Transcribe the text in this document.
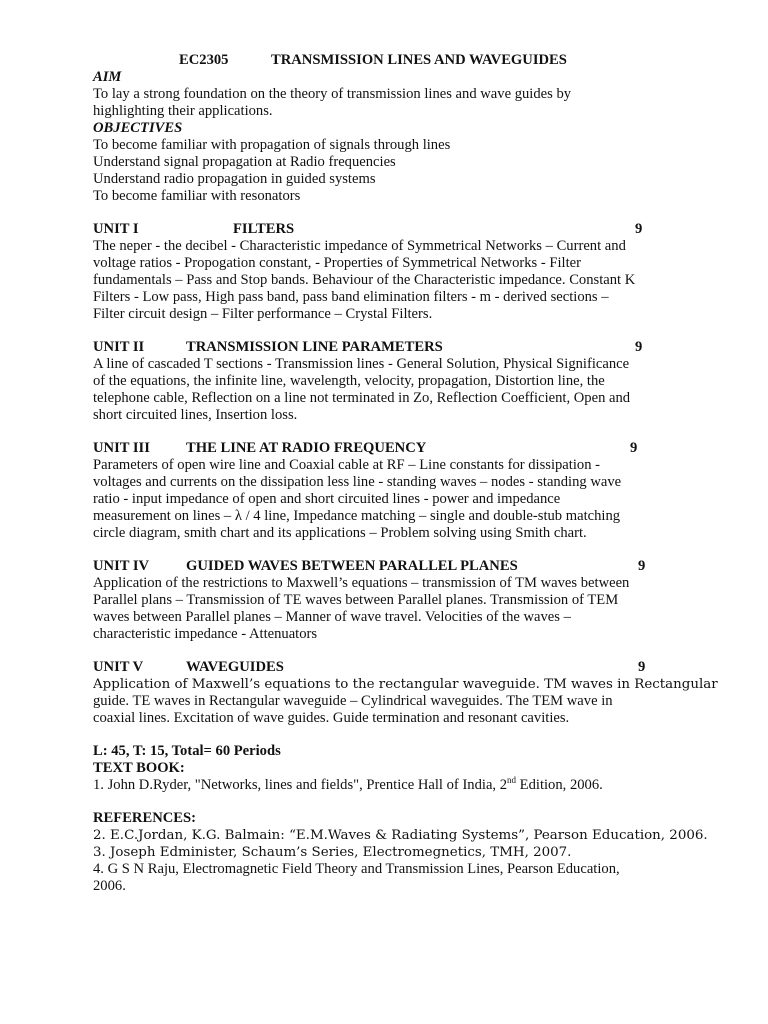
EC2305	TRANSMISSION LINES AND WAVEGUIDES
AIM
To lay a strong foundation on the theory of transmission lines and wave guides by
highlighting their applications.
OBJECTIVES
To become familiar with propagation of signals through lines
Understand signal propagation at Radio frequencies
Understand radio propagation in guided systems
To become familiar with resonators
UNIT I	FILTERS	9
The neper - the decibel - Characteristic impedance of Symmetrical Networks – Current and
voltage ratios - Propogation constant, - Properties of Symmetrical Networks - Filter
fundamentals – Pass and Stop bands. Behaviour of the Characteristic impedance. Constant K
Filters - Low pass, High pass band, pass band elimination filters - m - derived sections –
Filter circuit design – Filter performance – Crystal Filters.
UNIT II	TRANSMISSION LINE PARAMETERS	9
A line of cascaded T sections - Transmission lines - General Solution, Physical Significance
of the equations, the infinite line, wavelength, velocity, propagation, Distortion line, the
telephone cable, Reflection on a line not terminated in Zo, Reflection Coefficient, Open and
short circuited lines, Insertion loss.
UNIT III THE LINE AT RADIO FREQUENCY	9
Parameters of open wire line and Coaxial cable at RF – Line constants for dissipation -
voltages and currents on the dissipation less line - standing waves – nodes - standing wave
ratio - input impedance of open and short circuited lines - power and impedance
measurement on lines – λ / 4 line, Impedance matching – single and double-stub matching
circle diagram, smith chart and its applications – Problem solving using Smith chart.
UNIT IV	GUIDED WAVES BETWEEN PARALLEL PLANES	9
Application of the restrictions to Maxwell’s equations – transmission of TM waves between
Parallel plans – Transmission of TE waves between Parallel planes. Transmission of TEM
waves between Parallel planes – Manner of wave travel. Velocities of the waves –
characteristic impedance - Attenuators
UNIT V	WAVEGUIDES	9
Application of Maxwell’s equations to the rectangular waveguide. TM waves in Rectangular
guide. TE waves in Rectangular waveguide – Cylindrical waveguides. The TEM wave in
coaxial lines. Excitation of wave guides. Guide termination and resonant cavities.
L: 45, T: 15, Total= 60 Periods
TEXT BOOK:
1. John D.Ryder, "Networks, lines and fields", Prentice Hall of India, 2nd Edition, 2006.
REFERENCES:
2. E.C.Jordan, K.G. Balmain: “E.M.Waves & Radiating Systems”, Pearson Education, 2006.
3. Joseph Edminister, Schaum’s Series, Electromegnetics, TMH, 2007.
4. G S N Raju, Electromagnetic Field Theory and Transmission Lines, Pearson Education,
2006.
